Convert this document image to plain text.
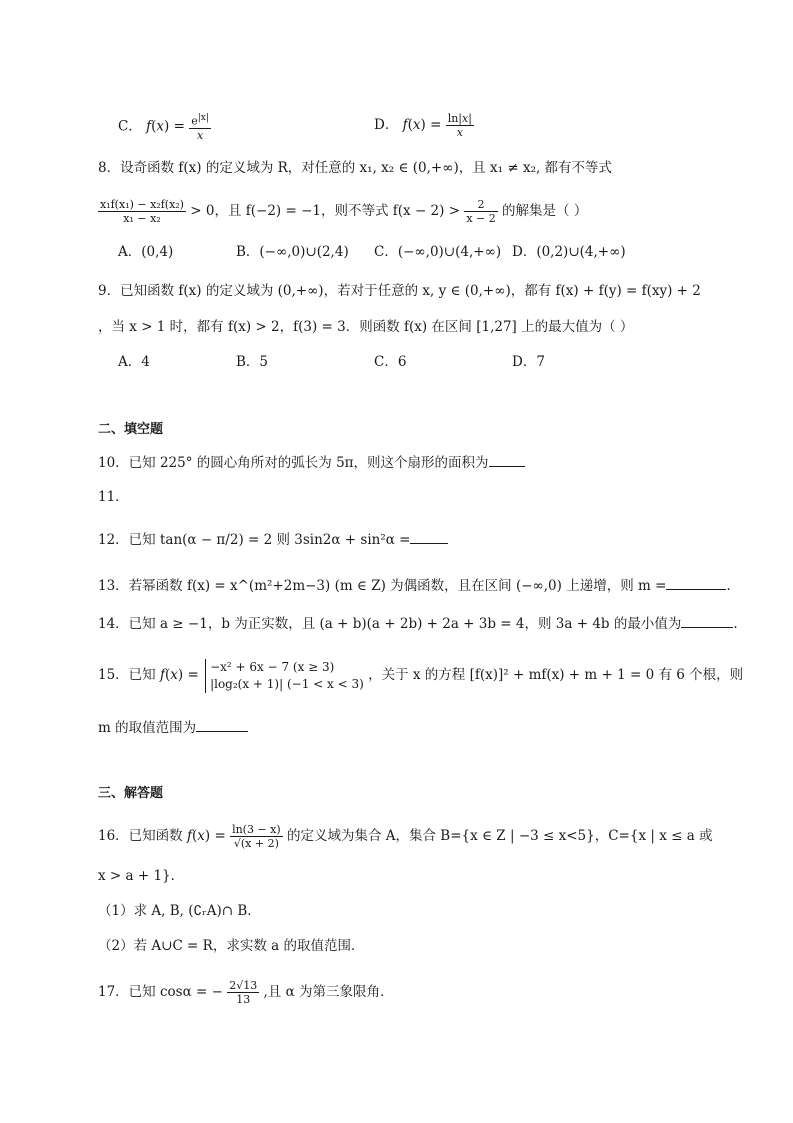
C． $f(x) = \frac{e^{|x|}}{x}$	D． $f(x) = \frac{\ln|x|}{x}$
8．设奇函数 f(x) 的定义域为 R，对任意的 x₁, x₂ ∈ (0,+∞)，且 x₁ ≠ x₂, 都有不等式
$\frac{\text{x₁f(x₁) − x₂f(x₂)}}{\text{x₁ − x₂}} > 0$，且 f(−2) = −1，则不等式 $f(x - 2) > \frac{2}{x - 2}$ 的解集是（ ）
A．(0,4)	B．(−∞,0)∪(2,4) C．(−∞,0)∪(4,+∞) D．(0,2)∪(4,+∞)
9．已知函数 f(x) 的定义域为 (0,+∞)，若对于任意的 x, y ∈ (0,+∞)，都有 f(x) + f(y) = f(xy) + 2
，当 x > 1 时，都有 f(x) > 2，f(3) = 3．则函数 f(x) 在区间 [1,27] 上的最大值为（ ）
A．4	B．5	C．6	D．7
二、填空题
10．已知 225° 的圆心角所对的弧长为 5π，则这个扇形的面积为
11．
12．已知 tan(α − π/2) = 2 则 3sin2α + sin²α =
13．若幂函数 f(x) = x^(m²+2m−3) (m ∈ Z) 为偶函数，且在区间 (−∞,0) 上递增，则 m =	.
14．已知 a ≥ −1，b 为正实数，且 (a + b)(a + 2b) + 2a + 3b = 4，则 3a + 4b 的最小值为	.
15．已知 f(x) =
−x² + 6x − 7 (x ≥ 3)
|log₂(x + 1)| (−1 < x < 3)
，关于 x 的方程 [f(x)]² + mf(x) + m + 1 = 0 有 6 个根，则
m 的取值范围为
三、解答题
16．已知函数 $f(x) = \frac{\ln(3 - x)}{√(x + 2)}$ 的定义域为集合 A，集合 B={x ∈ Z | −3 ≤ x<5}，C={x | x ≤ a 或
x > a + 1}．
（1）求 A, B, (∁ᵣA)∩ B．
（2）若 A∪C = R，求实数 a 的取值范围．
17．已知 cosα = − $\frac{2√13}{13}$ ,且 α 为第三象限角．
